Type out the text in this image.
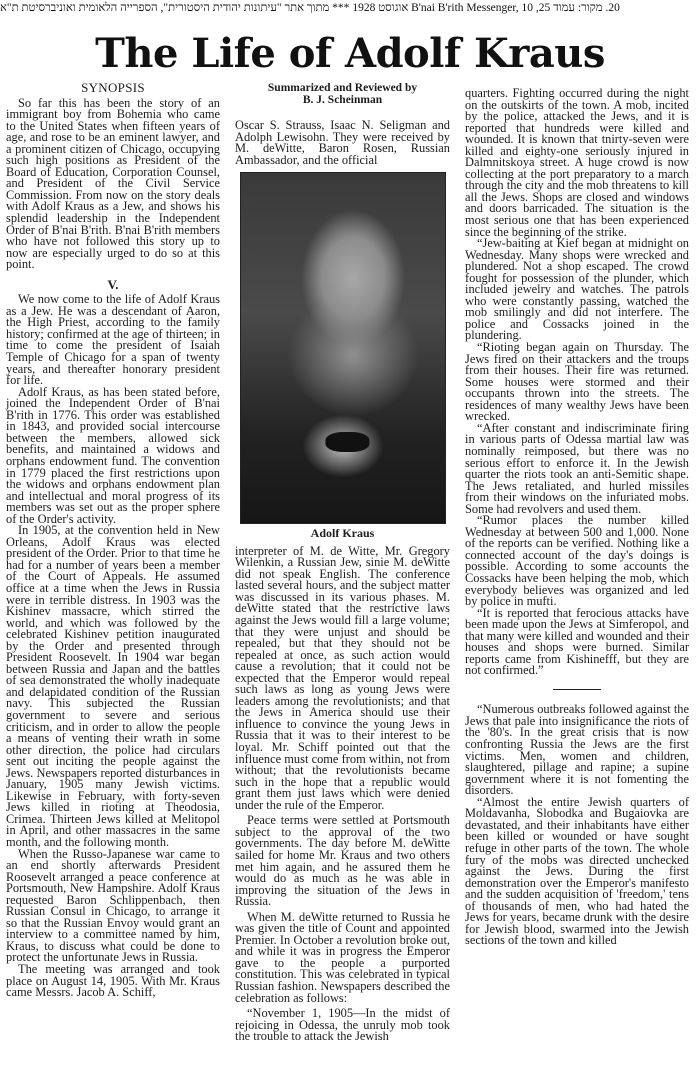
20. מקור: עמוד 25, B'nai B'rith Messenger, 10 אוגוסט 1928 *** מתוך אתר "עיתונות יהודית היסטורית", הספרייה הלאומית ואוניברסיטת ת"א
The Life of Adolf Kraus
SYNOPSIS

So far this has been the story of an immigrant boy from Bohemia who came to the United States when fifteen years of age, and rose to be an eminent lawyer, and a prominent citizen of Chicago, occupying such high positions as President of the Board of Education, Corporation Counsel, and President of the Civil Service Commission. From now on the story deals with Adolf Kraus as a Jew, and shows his splendid leadership in the Independent Order of B'nai B'rith. B'nai B'rith members who have not followed this story up to now are especially urged to do so at this point.

V.

We now come to the life of Adolf Kraus as a Jew. He was a descendant of Aaron, the High Priest, according to the family history; confirmed at the age of thirteen; in time to come the president of Isaiah Temple of Chicago for a span of twenty years, and thereafter honorary president for life.

Adolf Kraus, as has been stated before, joined the Independent Order of B'nai B'rith in 1776. This order was established in 1843, and provided social intercourse between the members, allowed sick benefits, and maintained a widows and orphans endowment fund. The convention in 1779 placed the first restrictions upon the widows and orphans endowment plan and intellectual and moral progress of its members was set out as the proper sphere of the Order's activity.

In 1905, at the convention held in New Orleans, Adolf Kraus was elected president of the Order. Prior to that time he had for a number of years been a member of the Court of Appeals. He assumed office at a time when the Jews in Russia were in terrible distress. In 1903 was the Kishinev massacre, which stirred the world, and which was followed by the celebrated Kishinev petition inaugurated by the Order and presented through President Roosevelt. In 1904 war began between Russia and Japan and the battles of sea demonstrated the wholly inadequate and delapidated condition of the Russian navy. This subjected the Russian government to severe and serious criticism, and in order to allow the people a means of venting their wrath in some other direction, the police had circulars sent out inciting the people against the Jews. Newspapers reported disturbances in January, 1905 many Jewish victims. Likewise in February, with forty-seven Jews killed in rioting at Theodosia, Crimea. Thirteen Jews killed at Melitopol in April, and other massacres in the same month, and the following month.

When the Russo-Japanese war came to an end shortly afterwards President Roosevelt arranged a peace conference at Portsmouth, New Hampshire. Adolf Kraus requested Baron Schlippenbach, then Russian Consul in Chicago, to arrange it so that the Russian Envoy would grant an interview to a committee named by him, Kraus, to discuss what could be done to protect the unfortunate Jews in Russia.

The meeting was arranged and took place on August 14, 1905. With Mr. Kraus came Messrs. Jacob A. Schiff,

Summarized and Reviewed by
B. J. Scheinman

Oscar S. Strauss, Isaac N. Seligman and Adolph Lewisohn. They were received by M. deWitte, Baron Rosen, Russian Ambassador, and the official

Adolf Kraus

interpreter of M. de Witte, Mr. Gregory Wilenkin, a Russian Jew, sinie M. deWitte did not speak English. The conference lasted several hours, and the subject matter was discussed in its various phases. M. deWitte stated that the restrictive laws against the Jews would fill a large volume; that they were unjust and should be repealed, but that they should not be repealed at once, as such action would cause a revolution; that it could not be expected that the Emperor would repeal such laws as long as young Jews were leaders among the revolutionists; and that the Jews in America should use their influence to convince the young Jews in Russia that it was to their interest to be loyal. Mr. Schiff pointed out that the influence must come from within, not from without; that the revolutionists became such in the hope that a republic would grant them just laws which were denied under the rule of the Emperor.

Peace terms were settled at Portsmouth subject to the approval of the two governments. The day before M. deWitte sailed for home Mr. Kraus and two others met him again, and he assured them he would do as much as he was able in improving the situation of the Jews in Russia.

When M. deWitte returned to Russia he was given the title of Count and appointed Premier. In October a revolution broke out, and while it was in progress the Emperor gave to the people a purported constitution. This was celebrated in typical Russian fashion. Newspapers described the celebration as follows:

“November 1, 1905—In the midst of rejoicing in Odessa, the unruly mob took the trouble to attack the Jewish

quarters. Fighting occurred during the night on the outskirts of the town. A mob, incited by the police, attacked the Jews, and it is reported that hundreds were killed and wounded. It is known that tnirty-seven were killed and eighty-one seriously injured in Dalmnitskoya street. A huge crowd is now collecting at the port preparatory to a march through the city and the mob threatens to kill all the Jews. Shops are closed and windows and doors barricaded. The situation is the most serious one that has been experienced since the beginning of the strike.

“Jew-baiting at Kief began at midnight on Wednesday. Many shops were wrecked and plundered. Not a shop escaped. The crowd fought for possession of the plunder, which included jewelry and watches. The patrols who were constantly passing, watched the mob smilingly and did not interfere. The police and Cossacks joined in the plundering.

“Rioting began again on Thursday. The Jews fired on their attackers and the troups from their houses. Their fire was returned. Some houses were stormed and their occupants thrown into the streets. The residences of many wealthy Jews have been wrecked.

“After constant and indiscriminate firing in various parts of Odessa martial law was nominally reimposed, but there was no serious effort to enforce it. In the Jewish quarter the riots took an anti-Semitic shape. The Jews retaliated, and hurled missiles from their windows on the infuriated mobs. Some had revolvers and used them.

“Rumor places the number killed Wednesday at between 500 and 1,000. None of the reports can be verified. Nothing like a connected account of the day's doings is possible. According to some accounts the Cossacks have been helping the mob, which everybody believes was organized and led by police in mufti.

“It is reported that ferocious attacks have been made upon the Jews at Simferopol, and that many were killed and wounded and their houses and shops were burned. Similar reports came from Kishinefff, but they are not confirmed.”

“Numerous outbreaks followed against the Jews that pale into insignificance the riots of the '80's. In the great crisis that is now confronting Russia the Jews are the first victims. Men, women and children, slaughtered, pillage and rapine; a supine government where it is not fomenting the disorders.

“Almost the entire Jewish quarters of Moldavanha, Slobodka and Bugaiovka are devastated, and their inhabitants have either been killed or wounded or have sought refuge in other parts of the town. The whole fury of the mobs was directed unchecked against the Jews. During the first demonstration over the Emperor's manifesto and the sudden acquisition of 'freedom,' tens of thousands of men, who had hated the Jews for years, became drunk with the desire for Jewish blood, swarmed into the Jewish sections of the town and killed
